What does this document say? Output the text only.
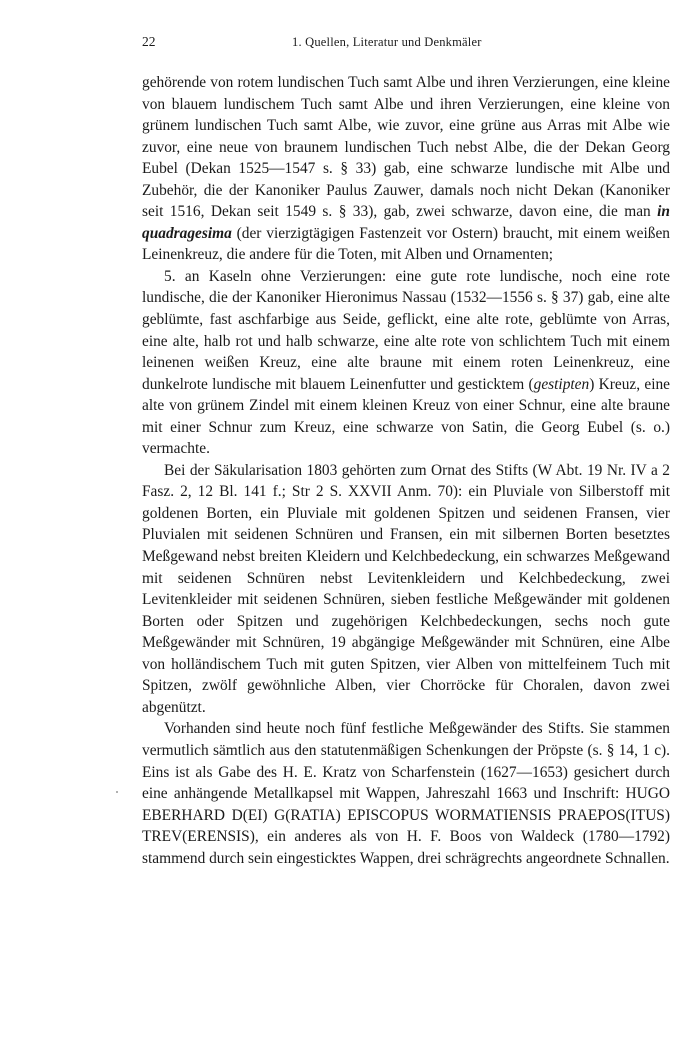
22	1. Quellen, Literatur und Denkmäler

gehörende von rotem lundischen Tuch samt Albe und ihren Verzierungen, eine kleine von blauem lundischem Tuch samt Albe und ihren Verzierungen, eine kleine von grünem lundischen Tuch samt Albe, wie zuvor, eine grüne aus Arras mit Albe wie zuvor, eine neue von braunem lundischen Tuch nebst Albe, die der Dekan Georg Eubel (Dekan 1525—1547 s. § 33) gab, eine schwarze lundische mit Albe und Zubehör, die der Kanoniker Paulus Zauwer, damals noch nicht Dekan (Kanoniker seit 1516, Dekan seit 1549 s. § 33), gab, zwei schwarze, davon eine, die man in quadragesima (der vierzigtägigen Fastenzeit vor Ostern) braucht, mit einem weißen Leinenkreuz, die andere für die Toten, mit Alben und Ornamenten;

5. an Kaseln ohne Verzierungen: eine gute rote lundische, noch eine rote lundische, die der Kanoniker Hieronimus Nassau (1532—1556 s. § 37) gab, eine alte geblümte, fast aschfarbige aus Seide, geflickt, eine alte rote, geblümte von Arras, eine alte, halb rot und halb schwarze, eine alte rote von schlichtem Tuch mit einem leinenen weißen Kreuz, eine alte braune mit einem roten Leinenkreuz, eine dunkelrote lundische mit blauem Leinenfutter und gesticktem (gestipten) Kreuz, eine alte von grünem Zindel mit einem kleinen Kreuz von einer Schnur, eine alte braune mit einer Schnur zum Kreuz, eine schwarze von Satin, die Georg Eubel (s. o.) vermachte.

Bei der Säkularisation 1803 gehörten zum Ornat des Stifts (W Abt. 19 Nr. IV a 2 Fasz. 2, 12 Bl. 141 f.; Str 2 S. XXVII Anm. 70): ein Pluviale von Silberstoff mit goldenen Borten, ein Pluviale mit goldenen Spitzen und seidenen Fransen, vier Pluvialen mit seidenen Schnüren und Fransen, ein mit silbernen Borten besetztes Meßgewand nebst breiten Kleidern und Kelchbedeckung, ein schwarzes Meßgewand mit seidenen Schnüren nebst Levitenkleidern und Kelchbedeckung, zwei Levitenkleider mit seidenen Schnüren, sieben festliche Meßgewänder mit goldenen Borten oder Spitzen und zugehörigen Kelchbedeckungen, sechs noch gute Meßgewänder mit Schnüren, 19 abgängige Meßgewänder mit Schnüren, eine Albe von holländischem Tuch mit guten Spitzen, vier Alben von mittelfeinem Tuch mit Spitzen, zwölf gewöhnliche Alben, vier Chorröcke für Choralen, davon zwei abgenützt.

Vorhanden sind heute noch fünf festliche Meßgewänder des Stifts. Sie stammen vermutlich sämtlich aus den statutenmäßigen Schenkungen der Pröpste (s. § 14, 1 c). Eins ist als Gabe des H. E. Kratz von Scharfenstein (1627—1653) gesichert durch eine anhängende Metallkapsel mit Wappen, Jahreszahl 1663 und Inschrift: HUGO EBERHARD D(EI) G(RATIA) EPISCOPUS WORMATIENSIS PRAEPOS(ITUS) TREV(ERENSIS), ein anderes als von H. F. Boos von Waldeck (1780—1792) stammend durch sein eingesticktes Wappen, drei schrägrechts angeordnete Schnallen.
